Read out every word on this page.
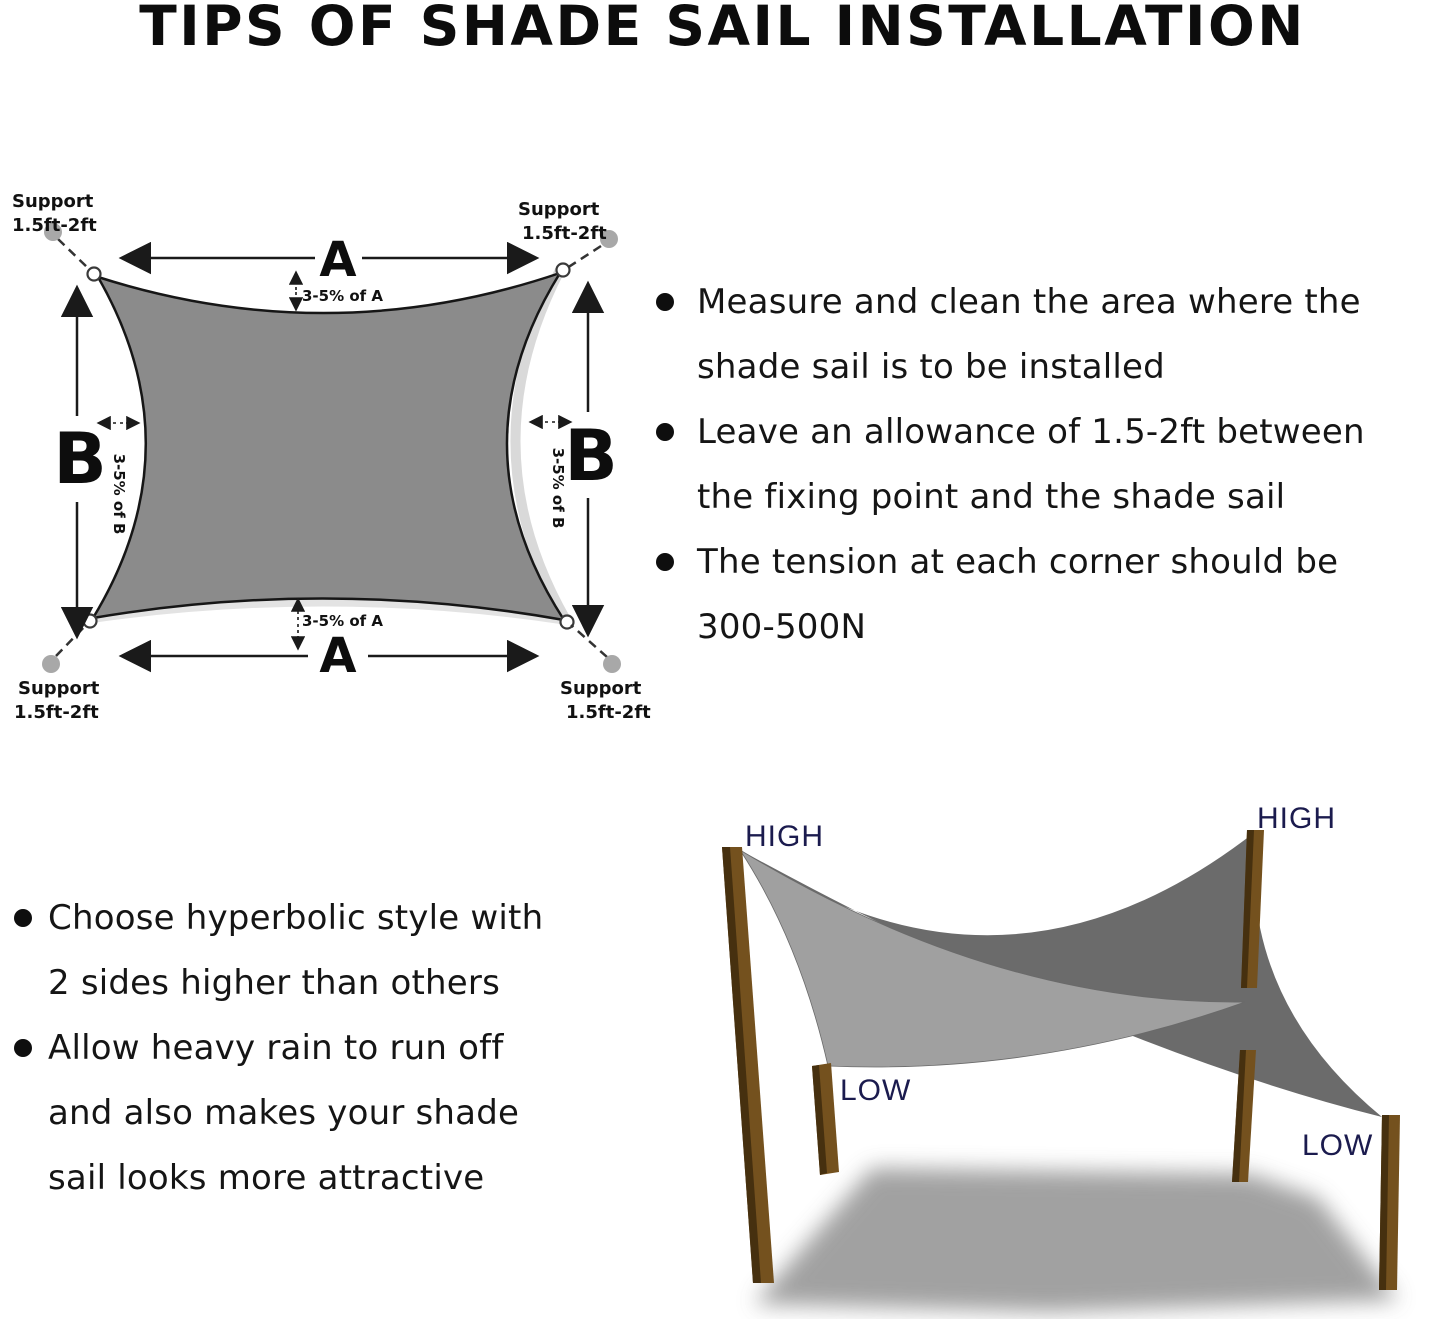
TIPS OF SHADE SAIL INSTALLATION
Support
1.5ft-2ft
Support
1.5ft-2ft
Support
1.5ft-2ft
Support
1.5ft-2ft
A
3-5% of A
A
3-5% of A
B 3-5% of B	B
3-5% of B
Measure and clean the area where the
shade sail is to be installed
Leave an allowance of 1.5-2ft between
the fixing point and the shade sail
The tension at each corner should be
300-500N
Choose hyperbolic style with
2 sides higher than others
Allow heavy rain to run off
and also makes your shade
sail looks more attractive
HIGH
HIGH
LOW
LOW
